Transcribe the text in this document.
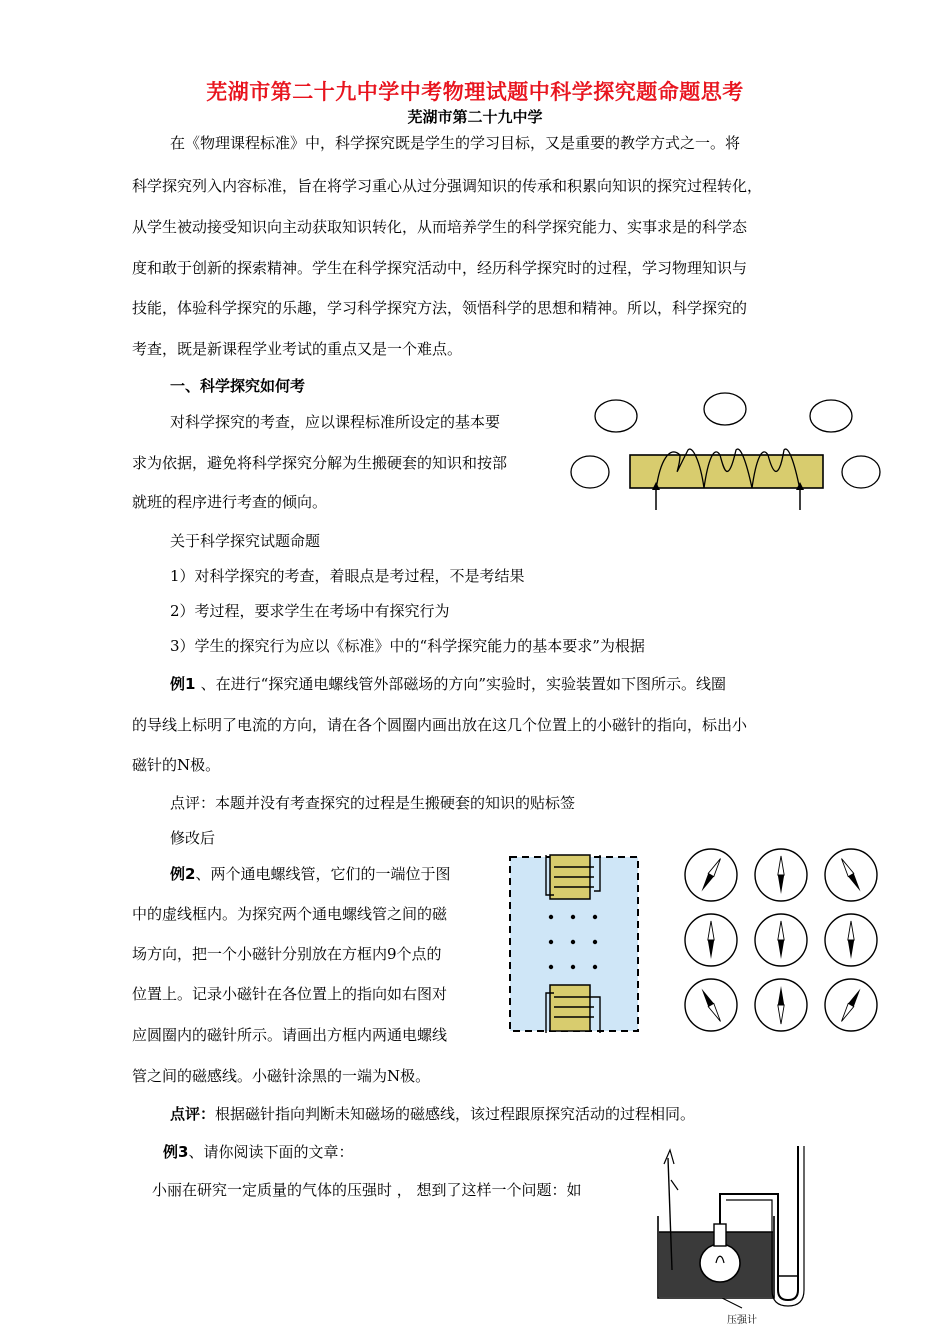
芜湖市第二十九中学中考物理试题中科学探究题命题思考
芜湖市第二十九中学
在《物理课程标准》中，科学探究既是学生的学习目标，又是重要的教学方式之一。将
科学探究列入内容标准，旨在将学习重心从过分强调知识的传承和积累向知识的探究过程转化，
从学生被动接受知识向主动获取知识转化，从而培养学生的科学探究能力、实事求是的科学态
度和敢于创新的探索精神。学生在科学探究活动中，经历科学探究时的过程，学习物理知识与
技能，体验科学探究的乐趣，学习科学探究方法，领悟科学的思想和精神。所以，科学探究的
考查，既是新课程学业考试的重点又是一个难点。
一、科学探究如何考
对科学探究的考查，应以课程标准所设定的基本要
求为依据，避免将科学探究分解为生搬硬套的知识和按部
就班的程序进行考查的倾向。
关于科学探究试题命题
1）对科学探究的考查，着眼点是考过程，不是考结果
2）考过程，要求学生在考场中有探究行为
3）学生的探究行为应以《标准》中的“科学探究能力的基本要求”为根据
例1 、在进行“探究通电螺线管外部磁场的方向”实验时，实验装置如下图所示。线圈
的导线上标明了电流的方向，请在各个圆圈内画出放在这几个位置上的小磁针的指向，标出小
磁针的N极。
点评：本题并没有考查探究的过程是生搬硬套的知识的贴标签
修改后
例2、两个通电螺线管，它们的一端位于图
中的虚线框内。为探究两个通电螺线管之间的磁
场方向，把一个小磁针分别放在方框内9个点的
位置上。记录小磁针在各位置上的指向如右图对
应圆圈内的磁针所示。请画出方框内两通电螺线
管之间的磁感线。小磁针涂黑的一端为N极。
点评：根据磁针指向判断未知磁场的磁感线，该过程跟原探究活动的过程相同。
例3、请你阅读下面的文章：
小丽在研究一定质量的气体的压强时 ， 想到了这样一个问题：如
压强计
